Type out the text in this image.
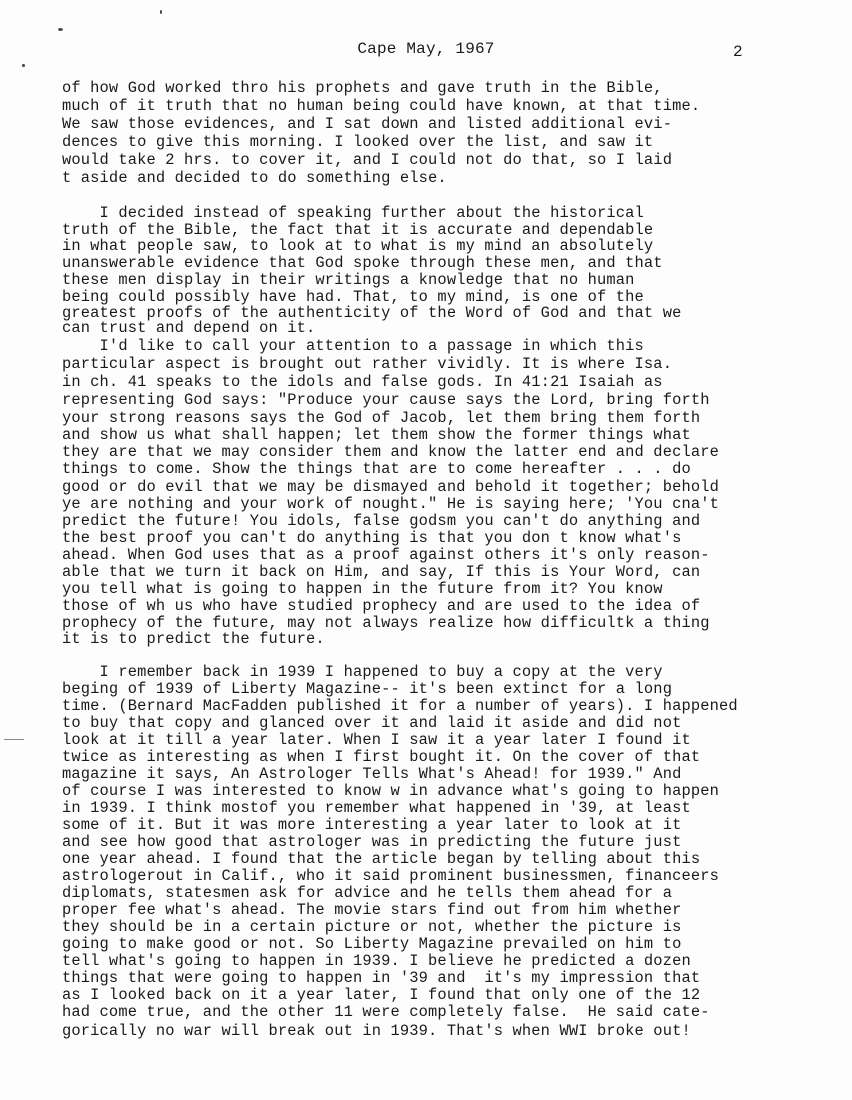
Cape May, 1967	2
of how God worked thro his prophets and gave truth in the Bible,
much of it truth that no human being could have known, at that time.
We saw those evidences, and I sat down and listed additional evi-
dences to give this morning. I looked over the list, and saw it
would take 2 hrs. to cover it, and I could not do that, so I laid
t aside and decided to do something else.
I decided instead of speaking further about the historical
truth of the Bible, the fact that it is accurate and dependable
in what people saw, to look at to what is my mind an absolutely
unanswerable evidence that God spoke through these men, and that
these men display in their writings a knowledge that no human
being could possibly have had. That, to my mind, is one of the
greatest proofs of the authenticity of the Word of God and that we
can trust and depend on it.
I'd like to call your attention to a passage in which this
particular aspect is brought out rather vividly. It is where Isa.
in ch. 41 speaks to the idols and false gods. In 41:21 Isaiah as
representing God says: "Produce your cause says the Lord, bring forth
your strong reasons says the God of Jacob, let them bring them forth
and show us what shall happen; let them show the former things what
they are that we may consider them and know the latter end and declare
things to come. Show the things that are to come hereafter . . . do
good or do evil that we may be dismayed and behold it together; behold
ye are nothing and your work of nought." He is saying here; 'You cna't
predict the future! You idols, false godsm you can't do anything and
the best proof you can't do anything is that you don t know what's
ahead. When God uses that as a proof against others it's only reason-
able that we turn it back on Him, and say, If this is Your Word, can
you tell what is going to happen in the future from it? You know
those of wh us who have studied prophecy and are used to the idea of
prophecy of the future, may not always realize how difficultk a thing
it is to predict the future.
I remember back in 1939 I happened to buy a copy at the very
beging of 1939 of Liberty Magazine-- it's been extinct for a long
time. (Bernard MacFadden published it for a number of years). I happened
to buy that copy and glanced over it and laid it aside and did not
look at it till a year later. When I saw it a year later I found it
twice as interesting as when I first bought it. On the cover of that
magazine it says, An Astrologer Tells What's Ahead! for 1939." And
of course I was interested to know w in advance what's going to happen
in 1939. I think mostof you remember what happened in '39, at least
some of it. But it was more interesting a year later to look at it
and see how good that astrologer was in predicting the future just
one year ahead. I found that the article began by telling about this
astrologerout in Calif., who it said prominent businessmen, financeers
diplomats, statesmen ask for advice and he tells them ahead for a
proper fee what's ahead. The movie stars find out from him whether
they should be in a certain picture or not, whether the picture is
going to make good or not. So Liberty Magazine prevailed on him to
tell what's going to happen in 1939. I believe he predicted a dozen
things that were going to happen in '39 and  it's my impression that
as I looked back on it a year later, I found that only one of the 12
had come true, and the other 11 were completely false.  He said cate-
gorically no war will break out in 1939. That's when WWI broke out!
